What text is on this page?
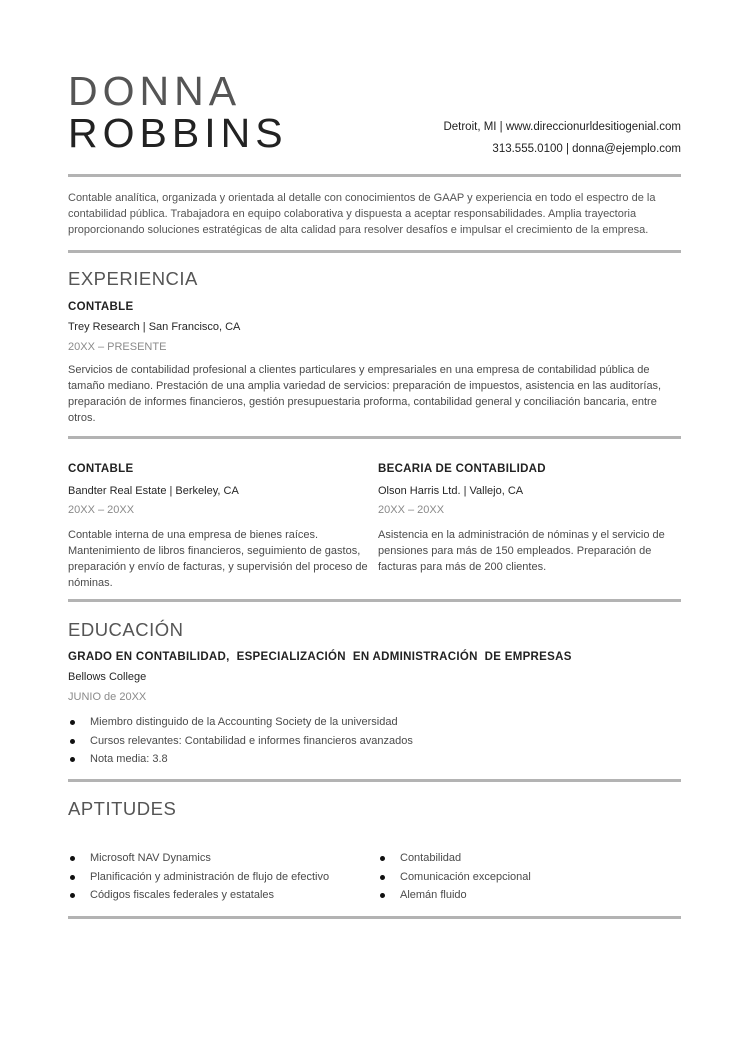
DONNA
ROBBINS	Detroit, MI | www.direccionurldesitiogenial.com
313.555.0100 | donna@ejemplo.com
Contable analítica, organizada y orientada al detalle con conocimientos de GAAP y experiencia en todo el espectro de la contabilidad pública. Trabajadora en equipo colaborativa y dispuesta a aceptar responsabilidades. Amplia trayectoria proporcionando soluciones estratégicas de alta calidad para resolver desafíos e impulsar el crecimiento de la empresa.
EXPERIENCIA
CONTABLE
Trey Research | San Francisco, CA
20XX – PRESENTE
Servicios de contabilidad profesional a clientes particulares y empresariales en una empresa de contabilidad pública de tamaño mediano. Prestación de una amplia variedad de servicios: preparación de impuestos, asistencia en las auditorías, preparación de informes financieros, gestión presupuestaria proforma, contabilidad general y conciliación bancaria, entre otros.
CONTABLE
Bandter Real Estate | Berkeley, CA
20XX – 20XX
Contable interna de una empresa de bienes raíces. Mantenimiento de libros financieros, seguimiento de gastos, preparación y envío de facturas, y supervisión del proceso de nóminas.
BECARIA DE CONTABILIDAD
Olson Harris Ltd. | Vallejo, CA
20XX – 20XX
Asistencia en la administración de nóminas y el servicio de pensiones para más de 150 empleados. Preparación de facturas para más de 200 clientes.
EDUCACIÓN
GRADO EN CONTABILIDAD,  ESPECIALIZACIÓN  EN ADMINISTRACIÓN  DE EMPRESAS
Bellows College
JUNIO de 20XX
Miembro distinguido de la Accounting Society de la universidad
Cursos relevantes: Contabilidad e informes financieros avanzados
Nota media: 3.8
APTITUDES
Microsoft NAV Dynamics
Planificación y administración de flujo de efectivo
Códigos fiscales federales y estatales
Contabilidad
Comunicación excepcional
Alemán fluido
